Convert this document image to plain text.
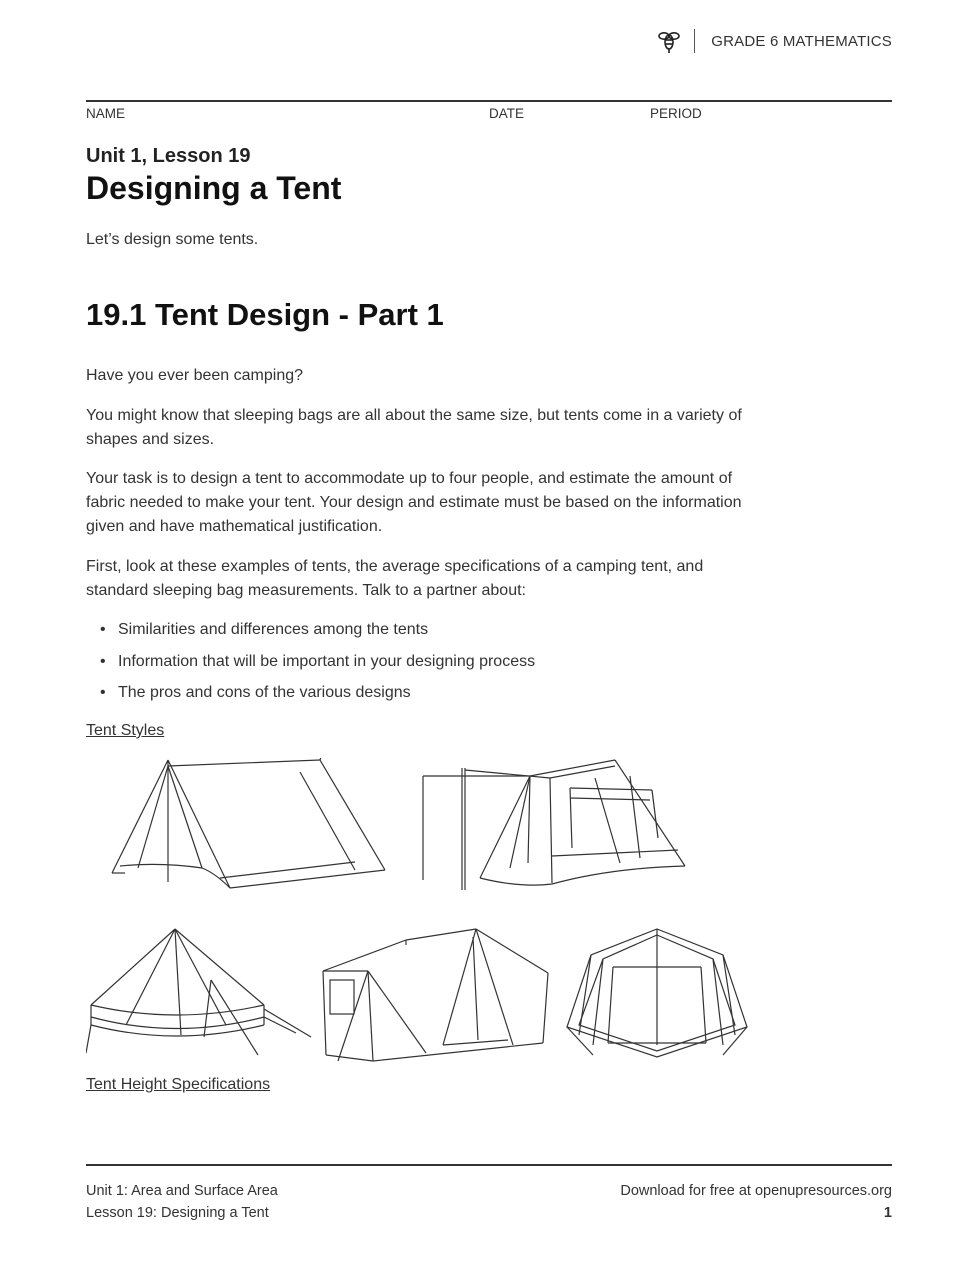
GRADE 6 MATHEMATICS
NAME	DATE	PERIOD
Unit 1, Lesson 19
Designing a Tent
Let’s design some tents.
19.1 Tent Design - Part 1

Have you ever been camping?

You might know that sleeping bags are all about the same size, but tents come in a variety of shapes and sizes.

Your task is to design a tent to accommodate up to four people, and estimate the amount of fabric needed to make your tent. Your design and estimate must be based on the information given and have mathematical justification.

First, look at these examples of tents, the average specifications of a camping tent, and standard sleeping bag measurements. Talk to a partner about:

• Similarities and differences among the tents
• Information that will be important in your designing process
• The pros and cons of the various designs
Tent Styles
Tent Height Specifications
Unit 1: Area and Surface Area
Lesson 19: Designing a Tent
Download for free at openupresources.org
1
